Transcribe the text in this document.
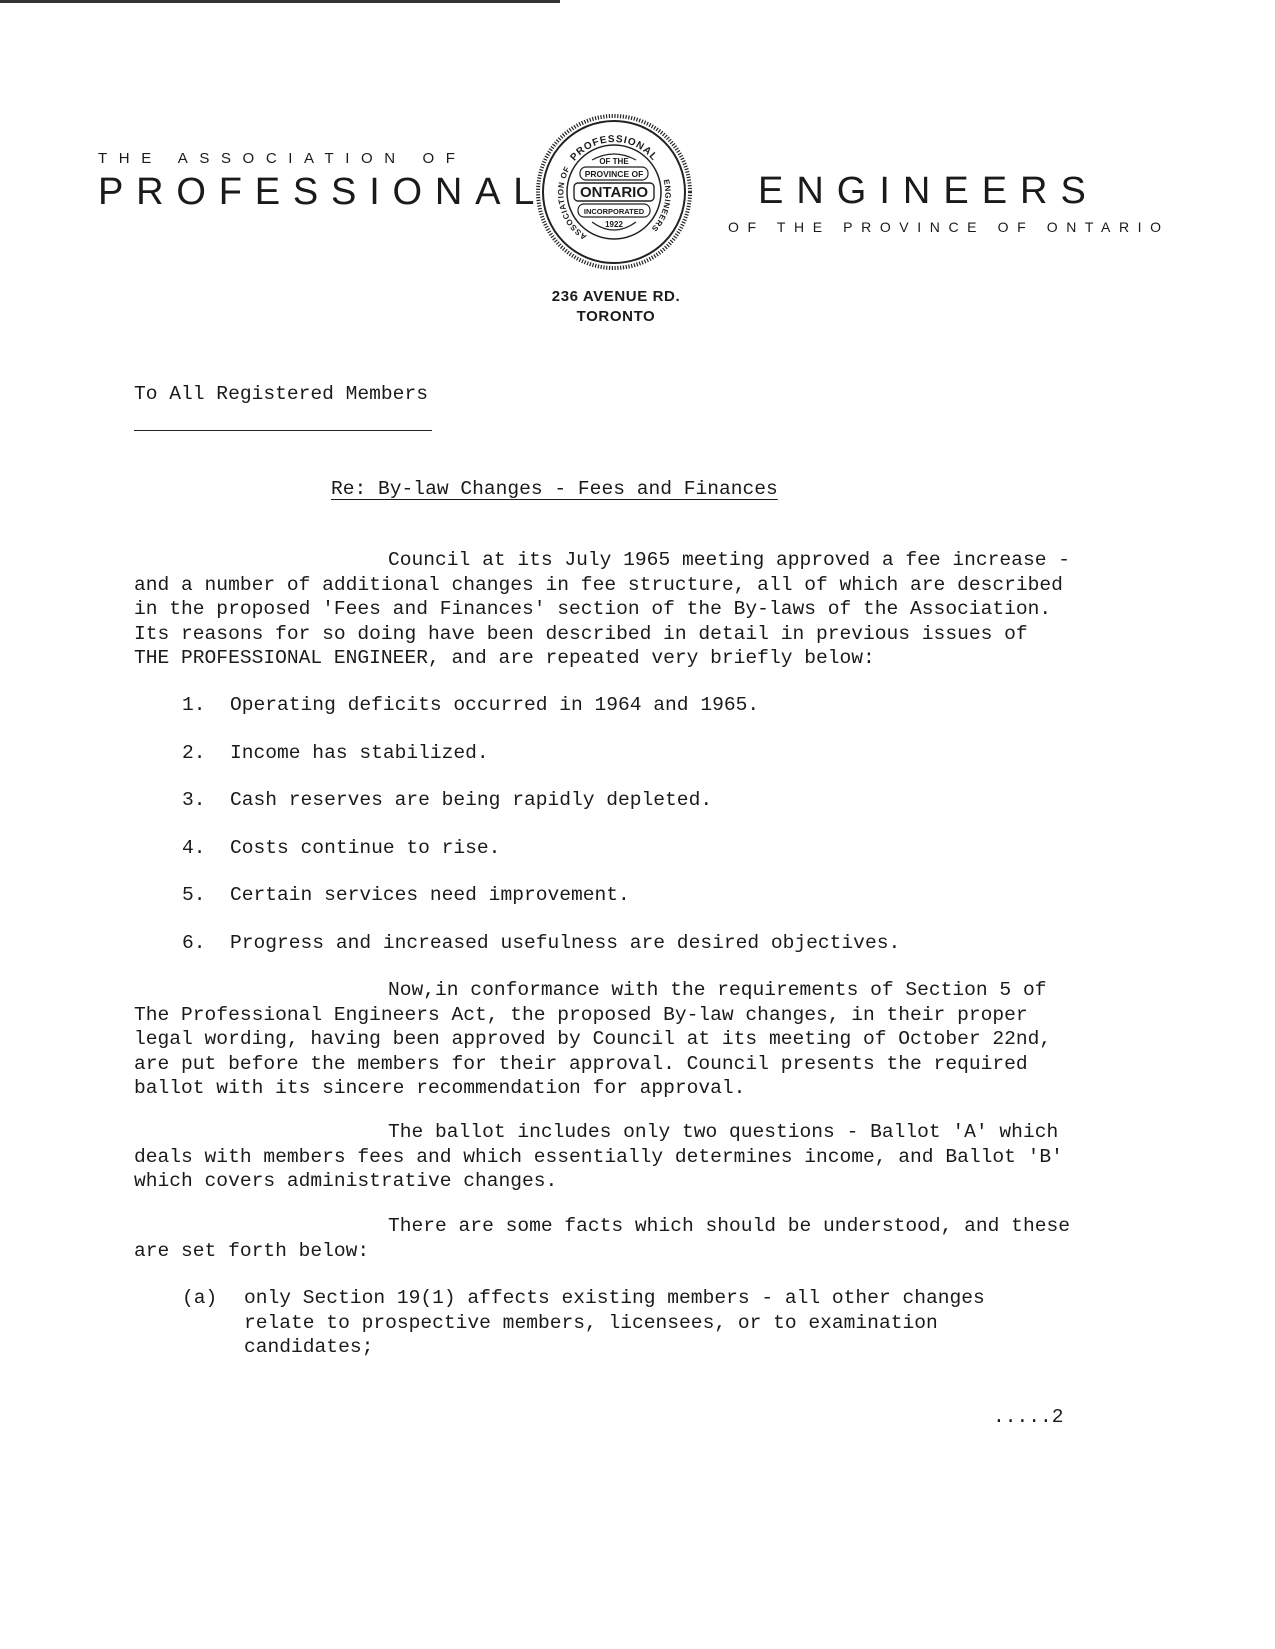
THE ASSOCIATION OF
PROFESSIONAL
PROFESSIONAL
ASSOCIATION OF
ENGINEERS
OF THE
PROVINCE OF
ONTARIO
INCORPORATED
1922
ENGINEERS
OF THE PROVINCE OF ONTARIO
236 AVENUE RD.
TORONTO
To All Registered Members
Re: By-law Changes - Fees and Finances
Council at its July 1965 meeting approved a fee increase -
and a number of additional changes in fee structure, all of which are described
in the proposed 'Fees and Finances' section of the By-laws of the Association.
Its reasons for so doing have been described in detail in previous issues of
THE PROFESSIONAL ENGINEER, and are repeated very briefly below:
1. Operating deficits occurred in 1964 and 1965.
2. Income has stabilized.
3. Cash reserves are being rapidly depleted.
4. Costs continue to rise.
5. Certain services need improvement.
6. Progress and increased usefulness are desired objectives.
Now,in conformance with the requirements of Section 5 of
The Professional Engineers Act, the proposed By-law changes, in their proper
legal wording, having been approved by Council at its meeting of October 22nd,
are put before the members for their approval. Council presents the required
ballot with its sincere recommendation for approval.
The ballot includes only two questions - Ballot 'A' which
deals with members fees and which essentially determines income, and Ballot 'B'
which covers administrative changes.
There are some facts which should be understood, and these
are set forth below:
(a) only Section 19(1) affects existing members - all other changes
relate to prospective members, licensees, or to examination
candidates;
.....2
